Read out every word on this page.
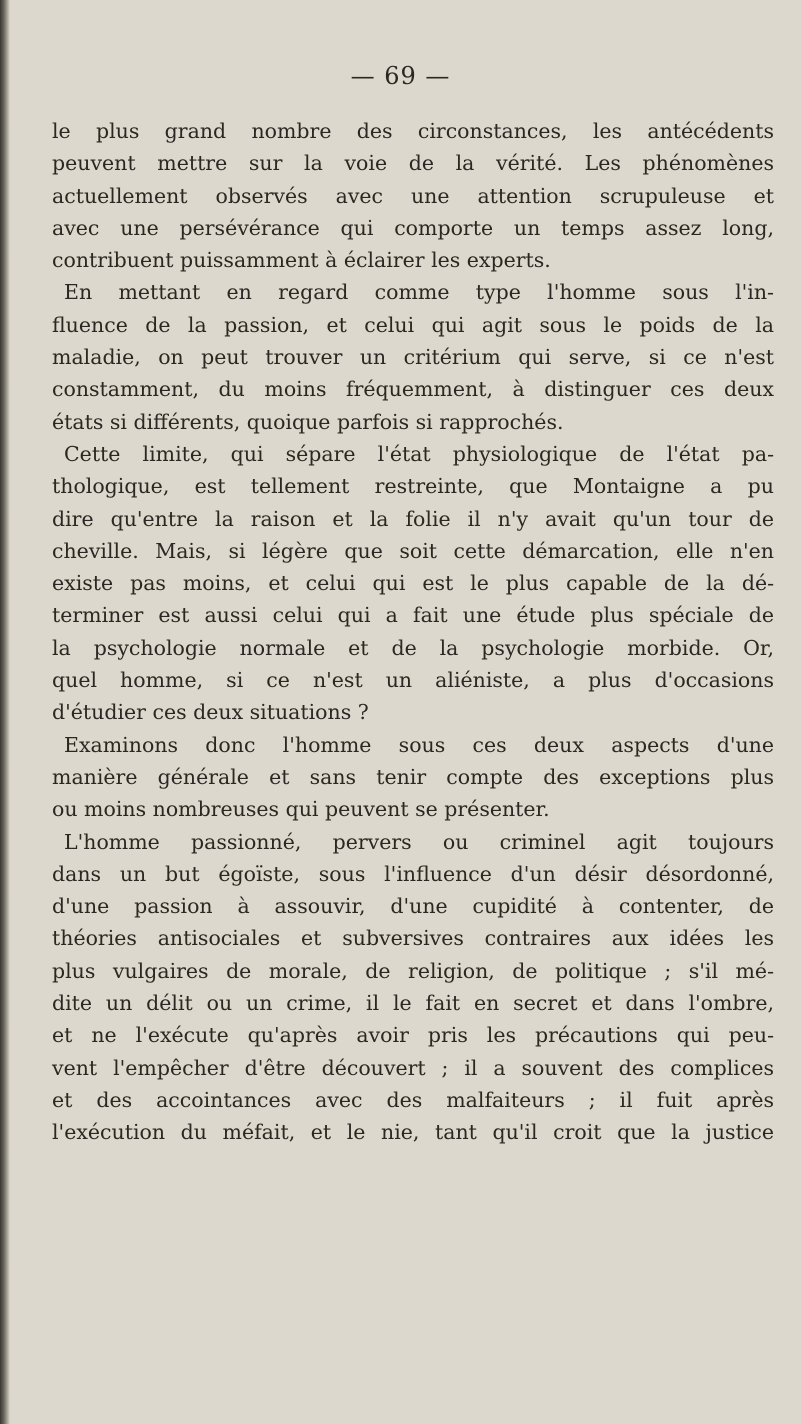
— 69 —
le plus grand nombre des circonstances, les antécédents
peuvent mettre sur la voie de la vérité. Les phénomènes
actuellement observés avec une attention scrupuleuse et
avec une persévérance qui comporte un temps assez long,
contribuent puissamment à éclairer les experts.
En mettant en regard comme type l'homme sous l'in-
fluence de la passion, et celui qui agit sous le poids de la
maladie, on peut trouver un critérium qui serve, si ce n'est
constamment, du moins fréquemment, à distinguer ces deux
états si différents, quoique parfois si rapprochés.
Cette limite, qui sépare l'état physiologique de l'état pa-
thologique, est tellement restreinte, que Montaigne a pu
dire qu'entre la raison et la folie il n'y avait qu'un tour de
cheville. Mais, si légère que soit cette démarcation, elle n'en
existe pas moins, et celui qui est le plus capable de la dé-
terminer est aussi celui qui a fait une étude plus spéciale de
la psychologie normale et de la psychologie morbide. Or,
quel homme, si ce n'est un aliéniste, a plus d'occasions
d'étudier ces deux situations ?
Examinons donc l'homme sous ces deux aspects d'une
manière générale et sans tenir compte des exceptions plus
ou moins nombreuses qui peuvent se présenter.
L'homme passionné, pervers ou criminel agit toujours
dans un but égoïste, sous l'influence d'un désir désordonné,
d'une passion à assouvir, d'une cupidité à contenter, de
théories antisociales et subversives contraires aux idées les
plus vulgaires de morale, de religion, de politique ; s'il mé-
dite un délit ou un crime, il le fait en secret et dans l'ombre,
et ne l'exécute qu'après avoir pris les précautions qui peu-
vent l'empêcher d'être découvert ; il a souvent des complices
et des accointances avec des malfaiteurs ; il fuit après
l'exécution du méfait, et le nie, tant qu'il croit que la justice
